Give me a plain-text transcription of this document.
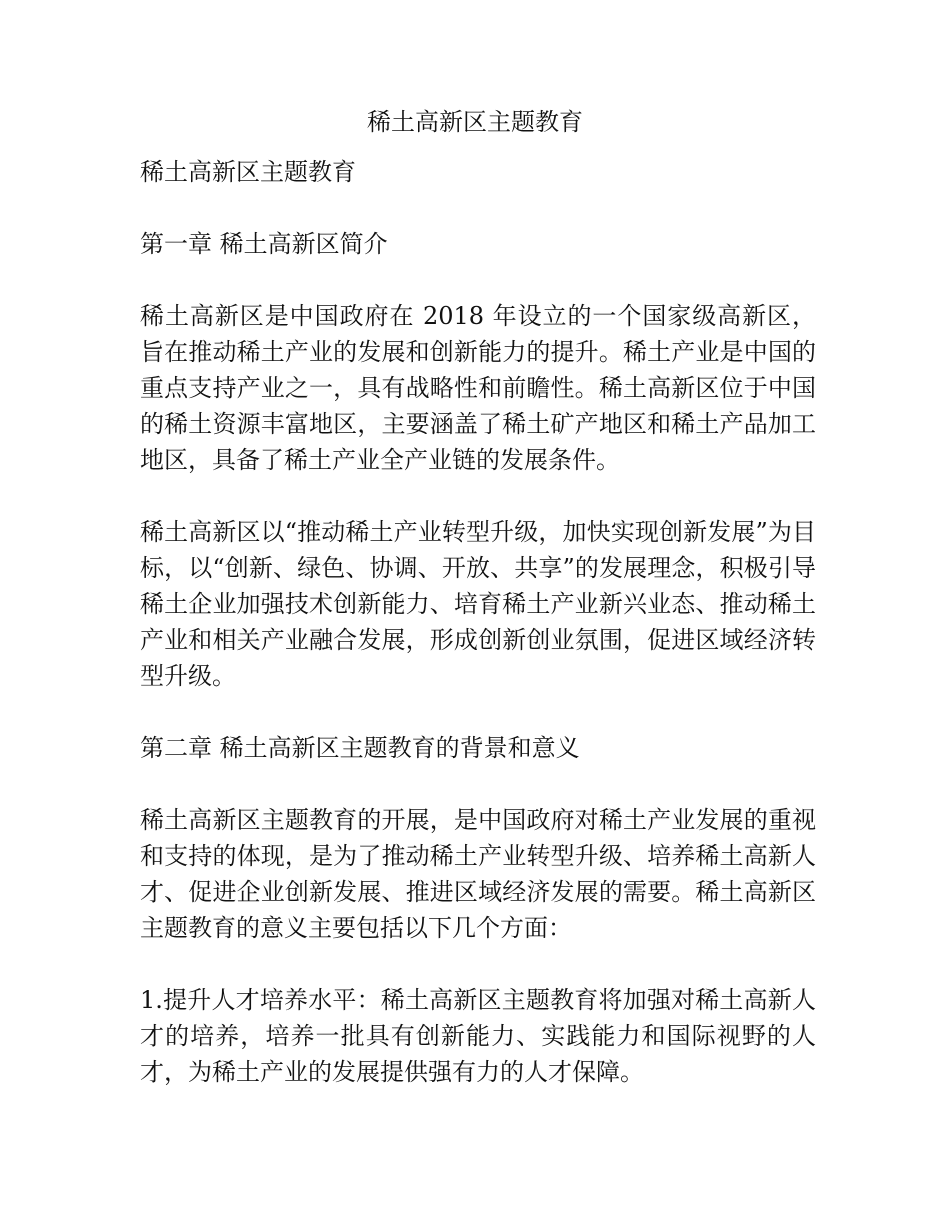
稀土高新区主题教育

稀土高新区主题教育

第一章 稀土高新区简介

稀土高新区是中国政府在 2018 年设立的一个国家级高新区，旨在推动稀土产业的发展和创新能力的提升。稀土产业是中国的重点支持产业之一，具有战略性和前瞻性。稀土高新区位于中国的稀土资源丰富地区，主要涵盖了稀土矿产地区和稀土产品加工地区，具备了稀土产业全产业链的发展条件。

稀土高新区以“推动稀土产业转型升级，加快实现创新发展”为目标，以“创新、绿色、协调、开放、共享”的发展理念，积极引导稀土企业加强技术创新能力、培育稀土产业新兴业态、推动稀土产业和相关产业融合发展，形成创新创业氛围，促进区域经济转型升级。

第二章 稀土高新区主题教育的背景和意义

稀土高新区主题教育的开展，是中国政府对稀土产业发展的重视和支持的体现，是为了推动稀土产业转型升级、培养稀土高新人才、促进企业创新发展、推进区域经济发展的需要。稀土高新区主题教育的意义主要包括以下几个方面：

1.提升人才培养水平：稀土高新区主题教育将加强对稀土高新人才的培养，培养一批具有创新能力、实践能力和国际视野的人才，为稀土产业的发展提供强有力的人才保障。
